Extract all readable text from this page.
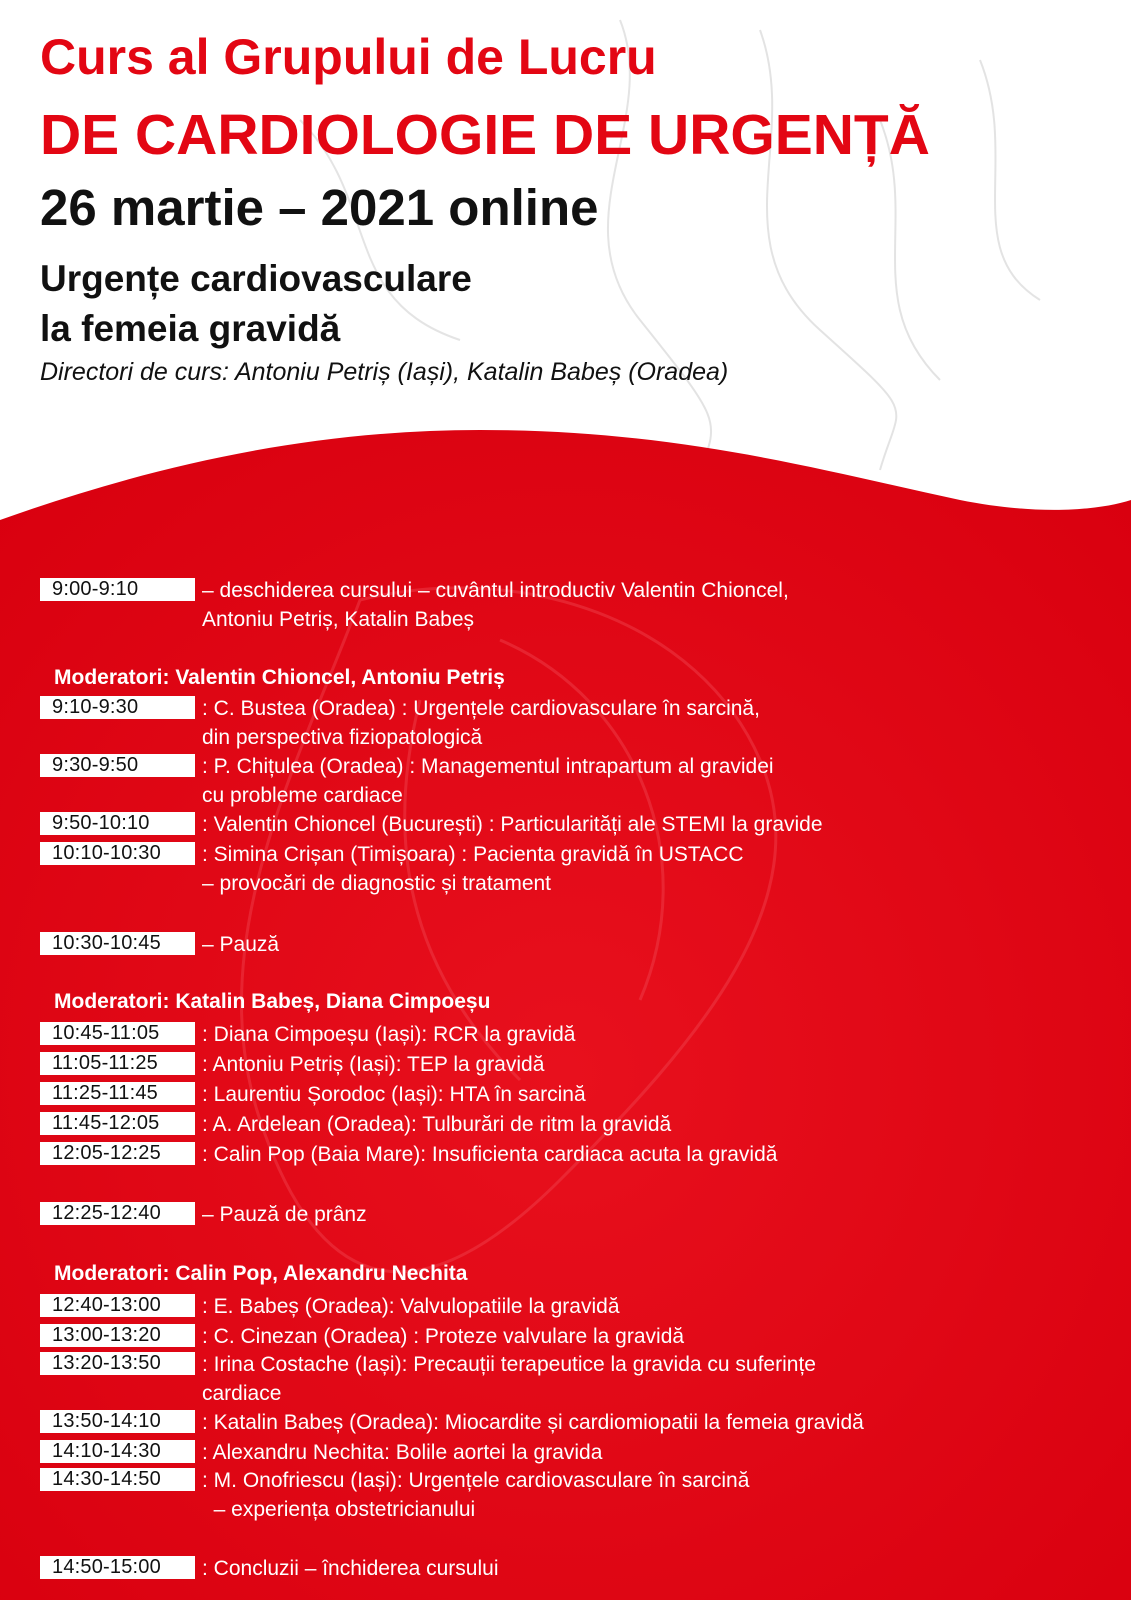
Curs al Grupului de Lucru
DE CARDIOLOGIE DE URGENȚĂ
26 martie – 2021 online
Urgențe cardiovasculare
la femeia gravidă
Directori de curs: Antoniu Petriș (Iași), Katalin Babeș (Oradea)
9:00-9:10	– deschiderea cursului – cuvântul introductiv Valentin Chioncel,
Antoniu Petriș, Katalin Babeș
Moderatori: Valentin Chioncel, Antoniu Petriș
9:10-9:30	: C. Bustea (Oradea) : Urgențele cardiovasculare în sarcină,
din perspectiva fiziopatologică
9:30-9:50	: P. Chițulea (Oradea) : Managementul intrapartum al gravidei
cu probleme cardiace
9:50-10:10	: Valentin Chioncel (București) : Particularități ale STEMI la gravide
10:10-10:30	: Simina Crișan (Timișoara) : Pacienta gravidă în USTACC
– provocări de diagnostic și tratament
10:30-10:45	– Pauză
Moderatori: Katalin Babeș, Diana Cimpoeșu
10:45-11:05	: Diana Cimpoeșu (Iași): RCR la gravidă
11:05-11:25	: Antoniu Petriș (Iași): TEP la gravidă
11:25-11:45	: Laurentiu Șorodoc (Iași): HTA în sarcină
11:45-12:05	: A. Ardelean (Oradea): Tulburări de ritm la gravidă
12:05-12:25	: Calin Pop (Baia Mare): Insuficienta cardiaca acuta la gravidă
12:25-12:40	– Pauză de prânz
Moderatori: Calin Pop, Alexandru Nechita
12:40-13:00	: E. Babeș (Oradea): Valvulopatiile la gravidă
13:00-13:20	: C. Cinezan (Oradea) : Proteze valvulare la gravidă
13:20-13:50	: Irina Costache (Iași): Precauții terapeutice la gravida cu suferințe
cardiace
13:50-14:10	: Katalin Babeș (Oradea): Miocardite și cardiomiopatii la femeia gravidă
14:10-14:30	: Alexandru Nechita: Bolile aortei la gravida
14:30-14:50	: M. Onofriescu (Iași): Urgențele cardiovasculare în sarcină
– experiența obstetricianului
14:50-15:00	: Concluzii – închiderea cursului
